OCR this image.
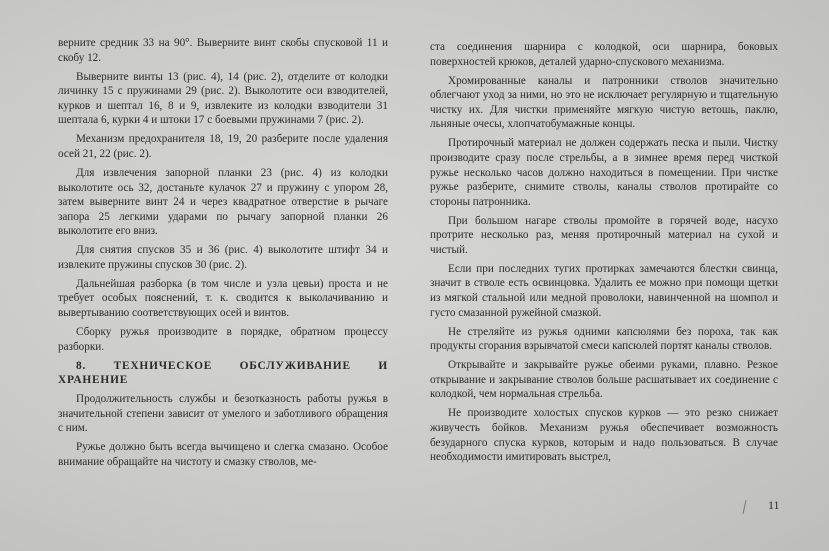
верните средник 33 на 90°. Выверните винт скобы спусковой 11 и скобу 12.

Выверните винты 13 (рис. 4), 14 (рис. 2), отделите от колодки личинку 15 с пружинами 29 (рис. 2). Выколотите оси взводителей, курков и шептал 16, 8 и 9, извлеките из колодки взводители 31 шептала 6, курки 4 и штоки 17 с боевыми пружинами 7 (рис. 2).

Механизм предохранителя 18, 19, 20 разберите после удаления осей 21, 22 (рис. 2).

Для извлечения запорной планки 23 (рис. 4) из колодки выколотите ось 32, достаньте кулачок 27 и пружину с упором 28, затем выверните винт 24 и через квадратное отверстие в рычаге запора 25 легкими ударами по рычагу запорной планки 26 выколотите его вниз.

Для снятия спусков 35 и 36 (рис. 4) выколотите штифт 34 и извлеките пружины спусков 30 (рис. 2).

Дальнейшая разборка (в том числе и узла цевьи) проста и не требует особых пояснений, т. к. сводится к выколачиванию и вывертыванию соответствующих осей и винтов.

Сборку ружья производите в порядке, обратном процессу разборки.

8. ТЕХНИЧЕСКОЕ ОБСЛУЖИВАНИЕ И ХРАНЕНИЕ

Продолжительность службы и безотказность работы ружья в значительной степени зависит от умелого и заботливого обращения с ним.

Ружье должно быть всегда вычищено и слегка смазано. Особое внимание обращайте на чистоту и смазку стволов, ме-

ста соединения шарнира с колодкой, оси шарнира, боковых поверхностей крюков, деталей ударно-спускового механизма.

Хромированные каналы и патронники стволов значительно облегчают уход за ними, но это не исключает регулярную и тщательную чистку их. Для чистки применяйте мягкую чистую ветошь, паклю, льняные очесы, хлопчатобумажные концы.

Протирочный материал не должен содержать песка и пыли. Чистку производите сразу после стрельбы, а в зимнее время перед чисткой ружье несколько часов должно находиться в помещении. При чистке ружье разберите, снимите стволы, каналы стволов протирайте со стороны патронника.

При большом нагаре стволы промойте в горячей воде, насухо протрите несколько раз, меняя протирочный материал на сухой и чистый.

Если при последних тугих протирках замечаются блестки свинца, значит в стволе есть освинцовка. Удалить ее можно при помощи щетки из мягкой стальной или медной проволоки, навинченной на шомпол и густо смазанной ружейной смазкой.

Не стреляйте из ружья одними капсюлями без пороха, так как продукты сгорания взрывчатой смеси капсюлей портят каналы стволов.

Открывайте и закрывайте ружье обеими руками, плавно. Резкое открывание и закрывание стволов больше расшатывает их соединение с колодкой, чем нормальная стрельба.

Не производите холостых спусков курков — это резко снижает живучесть бойков. Механизм ружья обеспечивает возможность безударного спуска курков, которым и надо пользоваться. В случае необходимости имитировать выстрел,

11
